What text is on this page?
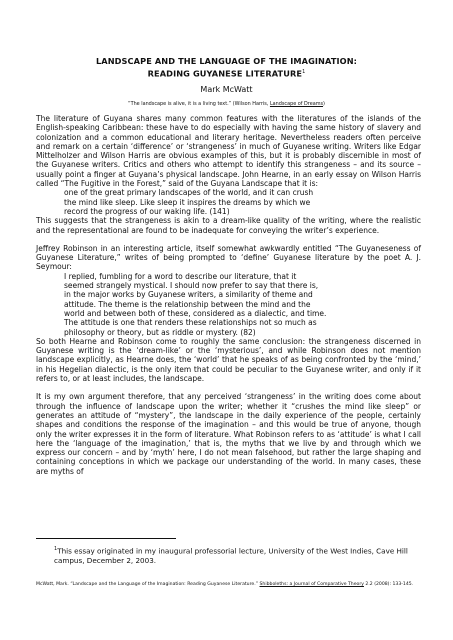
LANDSCAPE AND THE LANGUAGE OF THE IMAGINATION:
READING GUYANESE LITERATURE$^1$
Mark McWatt
“The landscape is alive, it is a living text.” (Wilson Harris, Landscape of Dreams)

The literature of Guyana shares many common features with the literatures of the islands of the English-speaking Caribbean: these have to do especially with having the same history of slavery and colonization and a common educational and literary heritage. Nevertheless readers often perceive and remark on a certain ‘difference’ or ‘strangeness’ in much of Guyanese writing. Writers like Edgar Mittelholzer and Wilson Harris are obvious examples of this, but it is probably discernible in most of the Guyanese writers. Critics and others who attempt to identify this strangeness – and its source – usually point a finger at Guyana’s physical landscape. John Hearne, in an early essay on Wilson Harris called “The Fugitive in the Forest,” said of the Guyana Landscape that it is:

one of the great primary landscapes of the world, and it can crush
the mind like sleep. Like sleep it inspires the dreams by which we
record the progress of our waking life. (141)

This suggests that the strangeness is akin to a dream-like quality of the writing, where the realistic and the representational are found to be inadequate for conveying the writer’s experience.

Jeffrey Robinson in an interesting article, itself somewhat awkwardly entitled “The Guyaneseness of Guyanese Literature,” writes of being prompted to ‘define’ Guyanese literature by the poet A. J. Seymour:

I replied, fumbling for a word to describe our literature, that it
seemed strangely mystical. I should now prefer to say that there is,
in the major works by Guyanese writers, a similarity of theme and
attitude. The theme is the relationship between the mind and the
world and between both of these, considered as a dialectic, and time.
The attitude is one that renders these relationships not so much as
philosophy or theory, but as riddle or mystery. (82)

So both Hearne and Robinson come to roughly the same conclusion: the strangeness discerned in Guyanese writing is the ‘dream-like’ or the ‘mysterious’, and while Robinson does not mention landscape explicitly, as Hearne does, the ‘world’ that he speaks of as being confronted by the ‘mind,’ in his Hegelian dialectic, is the only item that could be peculiar to the Guyanese writer, and only if it refers to, or at least includes, the landscape.

It is my own argument therefore, that any perceived ‘strangeness’ in the writing does come about through the influence of landscape upon the writer; whether it “crushes the mind like sleep” or generates an attitude of “mystery”, the landscape in the daily experience of the people, certainly shapes and conditions the response of the imagination – and this would be true of anyone, though only the writer expresses it in the form of literature. What Robinson refers to as ‘attitude’ is what I call here the ‘language of the imagination,’ that is, the myths that we live by and through which we express our concern – and by ‘myth’ here, I do not mean falsehood, but rather the large shaping and containing conceptions in which we package our understanding of the world. In many cases, these are myths of

$^1$This essay originated in my inaugural professorial lecture, University of the West Indies, Cave Hill campus, December 2, 2003.
McWatt, Mark. “Landscape and the Language of the Imagination: Reading Guyanese Literature.” Shibboleths: a Journal of Comparative Theory 2.2 (2008): 133-145.
